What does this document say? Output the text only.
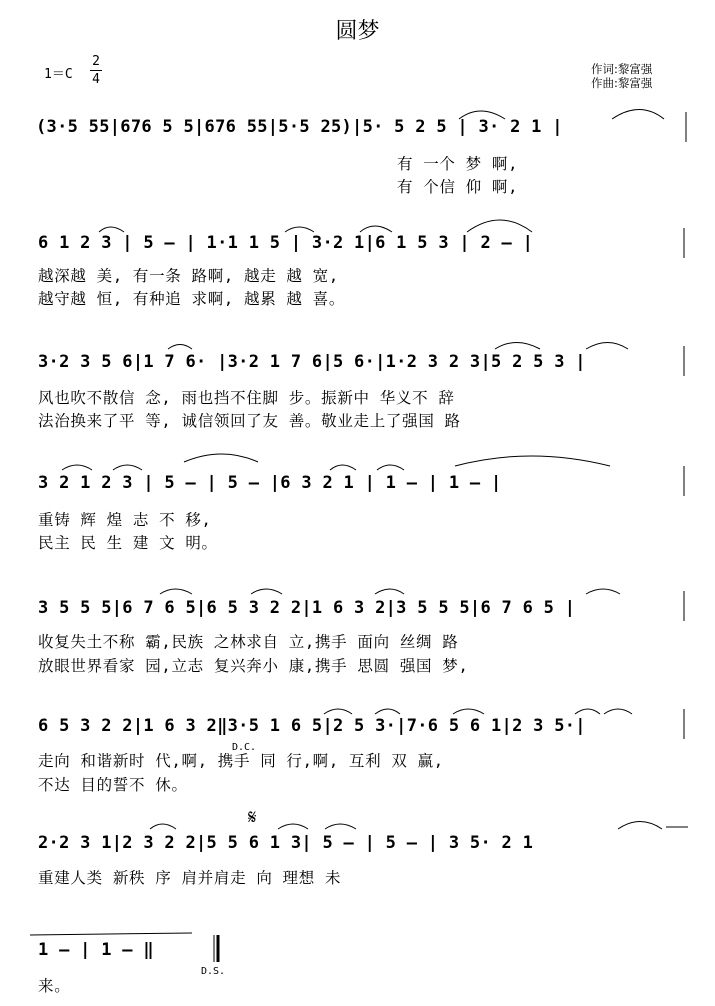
圆梦
$1=C \frac{2}{4}$	作词:黎富强
作曲:黎富强
(3·5 55|676 5 5|676 55|5·5 25)|5· 5 2 5 | 3· 2 1 |
有 一个 梦 啊,
有 个信 仰 啊,
6 1 2 3 | 5 – | 1·1 1 5 | 3·2 1|6 1 5 3 | 2 – |
越深越 美, 有一条 路啊, 越走 越 宽,
越守越 恒, 有种追 求啊, 越累 越 喜。
3·2 3 5 6|1 7 6· |3·2 1 7 6|5 6·|1·2 3 2 3|5 2 5 3 |
风也吹不散信 念, 雨也挡不住脚 步。振新中 华义不 辞
法治换来了平 等, 诚信领回了友 善。敬业走上了强国 路
3 2 1 2 3 | 5 – | 5 – |6 3 2 1 | 1 – | 1 – |
重铸 辉 煌 志 不 移,
民主 民 生 建 文 明。
3 5 5 5|6 7 6 5|6 5 3 2 2|1 6 3 2|3 5 5 5|6 7 6 5 |
收复失土不称 霸,民族 之林求自 立,携手 面向 丝绸 路
放眼世界看家 园,立志 复兴奔小 康,携手 思圆 强国 梦,
6 5 3 2 2|1 6 3 2‖3·5 1 6 5|2 5 3·|7·6 5 6 1|2 3 5·|
D.C.
走向 和谐新时 代,啊, 携手 同 行,啊, 互利 双 赢,
不达 目的誓不 休。
𝄋
2·2 3 1|2 3 2 2|5 5 6 1 3| 5 – | 5 – | 3 5· 2 1
重建人类 新秩 序 肩并肩走 向 理想 未
1 – | 1 – ‖
来。
D.S.
